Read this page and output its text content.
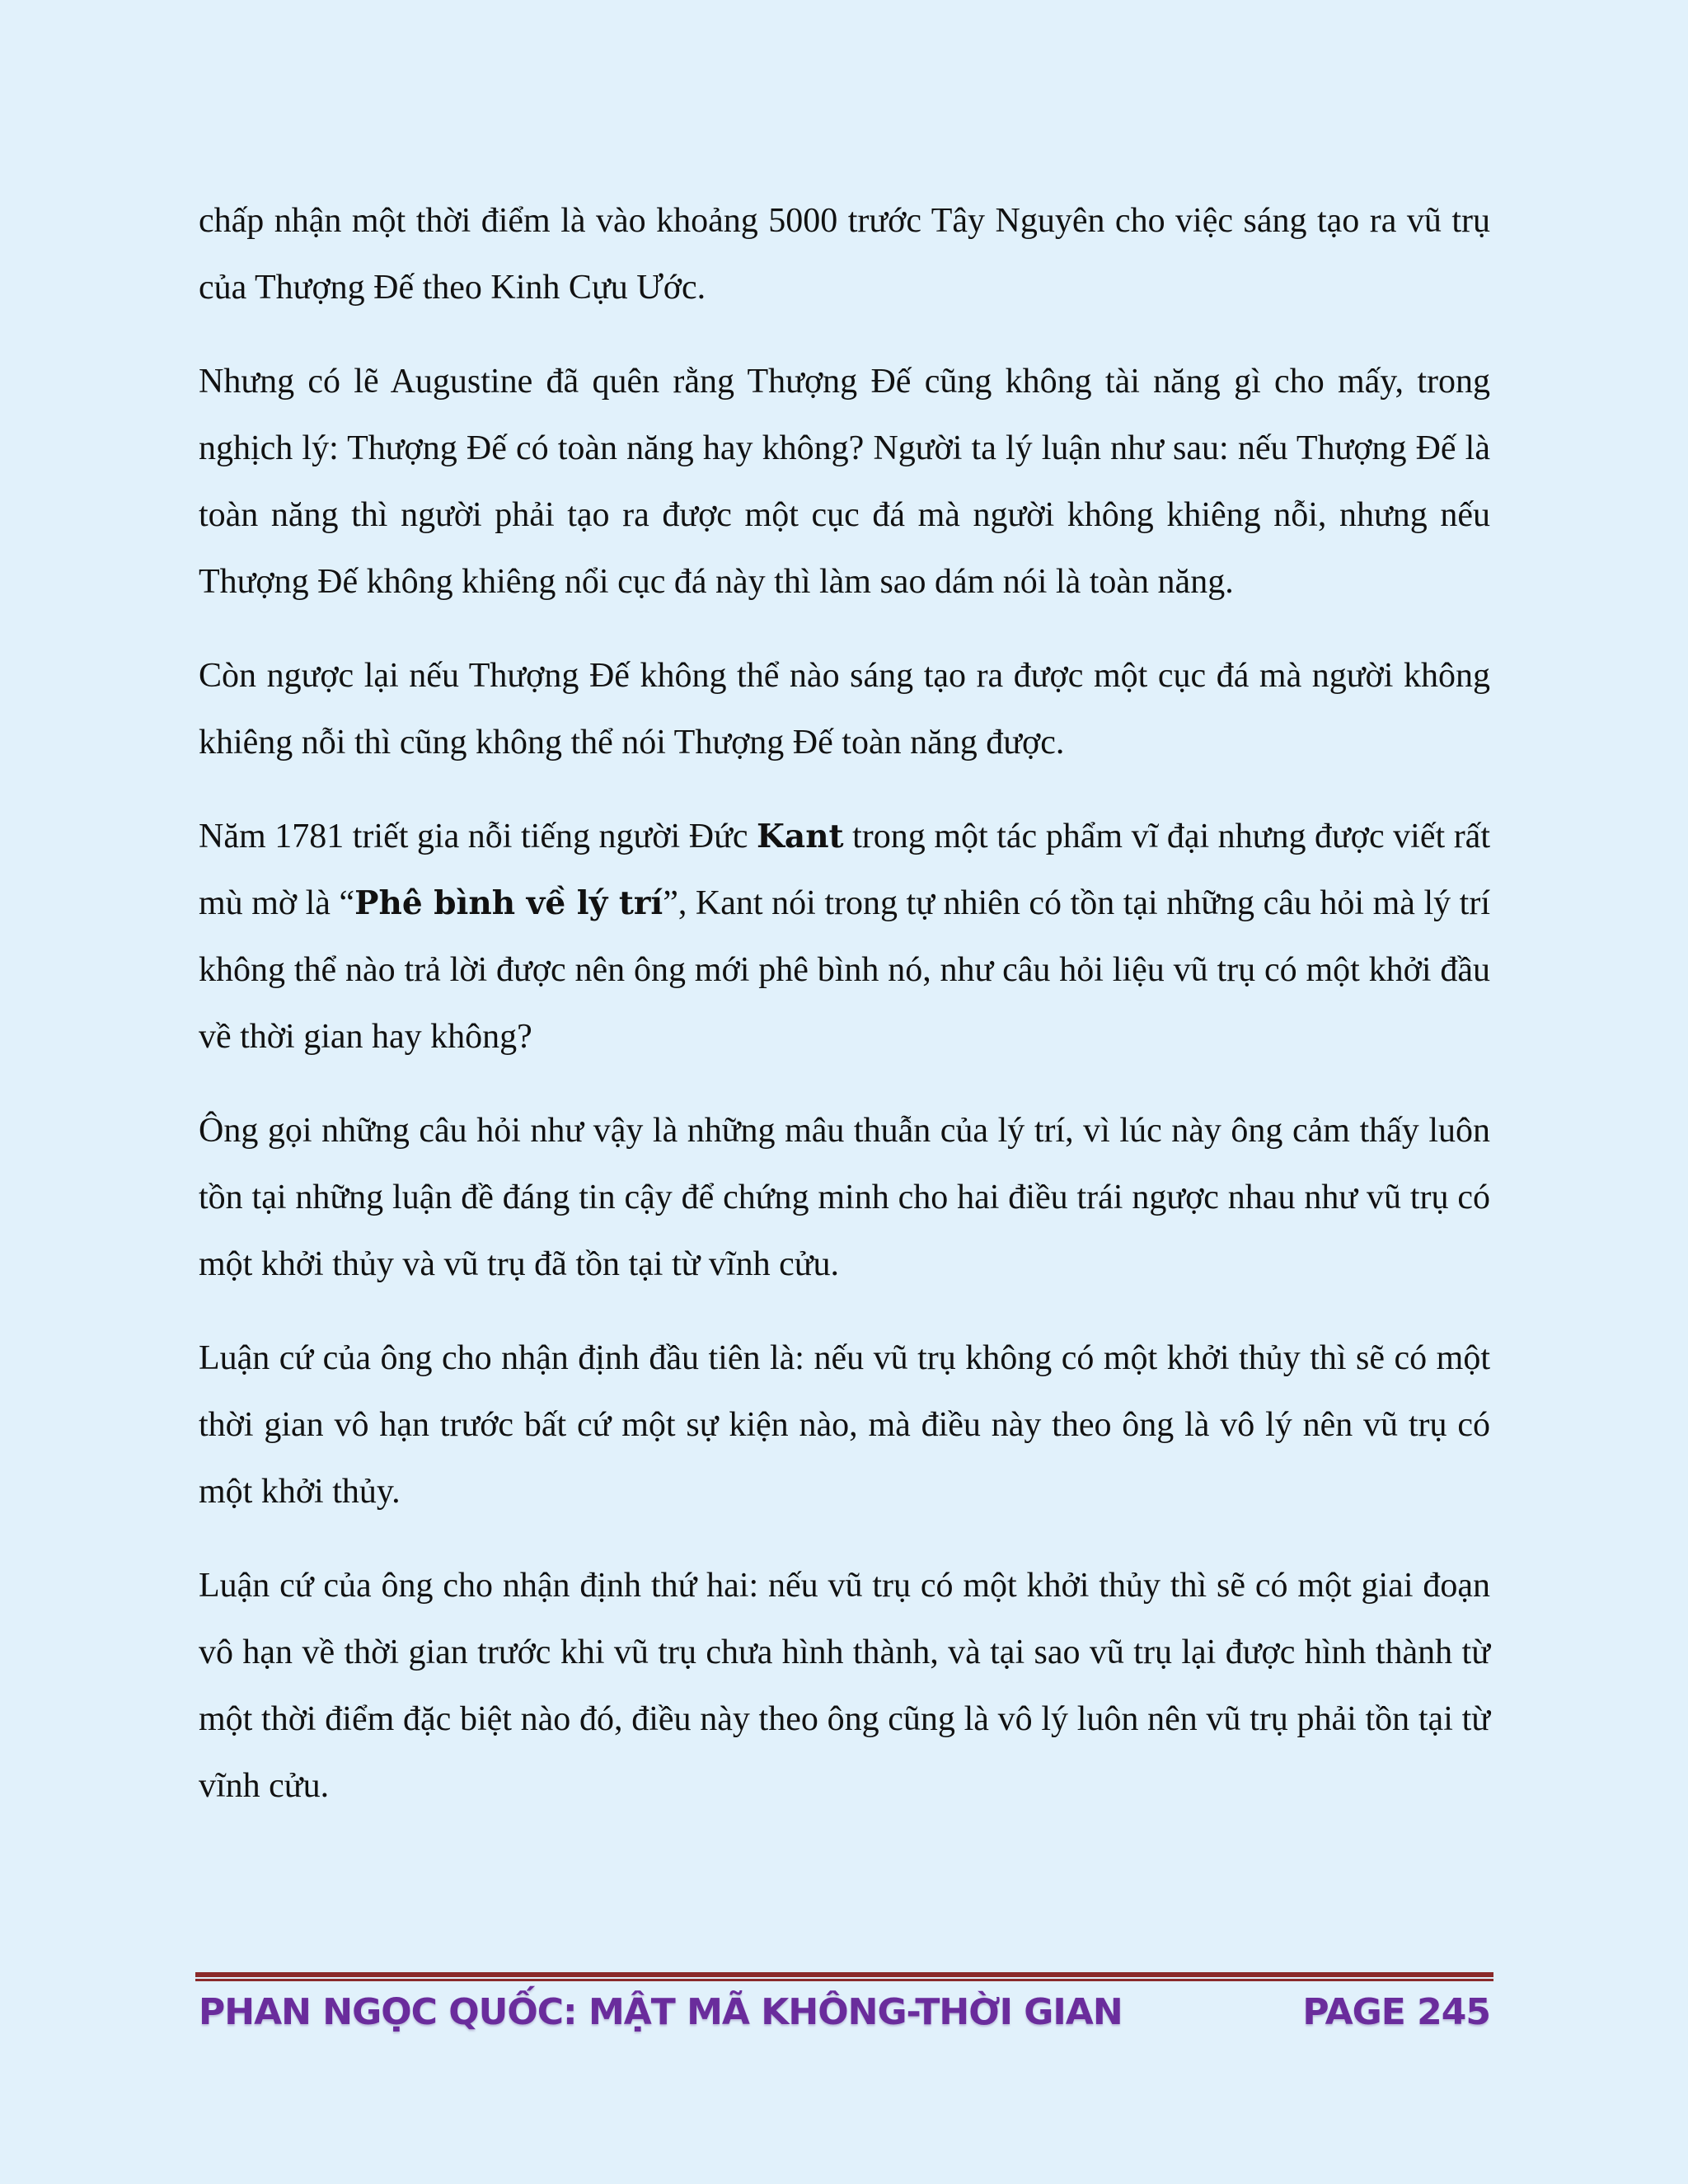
chấp nhận một thời điểm là vào khoảng 5000 trước Tây Nguyên cho việc sáng tạo ra vũ trụ của Thượng Đế theo Kinh Cựu Ước.

Nhưng có lẽ Augustine đã quên rằng Thượng Đế cũng không tài năng gì cho mấy, trong nghịch lý: Thượng Đế có toàn năng hay không? Người ta lý luận như sau: nếu Thượng Đế là toàn năng thì người phải tạo ra được một cục đá mà người không khiêng nỗi, nhưng nếu Thượng Đế không khiêng nổi cục đá này thì làm sao dám nói là toàn năng.

Còn ngược lại nếu Thượng Đế không thể nào sáng tạo ra được một cục đá mà người không khiêng nỗi thì cũng không thể nói Thượng Đế toàn năng được.

Năm 1781 triết gia nỗi tiếng người Đức Kant trong một tác phẩm vĩ đại nhưng được viết rất mù mờ là “Phê bình về lý trí”, Kant nói trong tự nhiên có tồn tại những câu hỏi mà lý trí không thể nào trả lời được nên ông mới phê bình nó, như câu hỏi liệu vũ trụ có một khởi đầu về thời gian hay không?

Ông gọi những câu hỏi như vậy là những mâu thuẫn của lý trí, vì lúc này ông cảm thấy luôn tồn tại những luận đề đáng tin cậy để chứng minh cho hai điều trái ngược nhau như vũ trụ có một khởi thủy và vũ trụ đã tồn tại từ vĩnh cửu.

Luận cứ của ông cho nhận định đầu tiên là: nếu vũ trụ không có một khởi thủy thì sẽ có một thời gian vô hạn trước bất cứ một sự kiện nào, mà điều này theo ông là vô lý nên vũ trụ có một khởi thủy.

Luận cứ của ông cho nhận định thứ hai: nếu vũ trụ có một khởi thủy thì sẽ có một giai đoạn vô hạn về thời gian trước khi vũ trụ chưa hình thành, và tại sao vũ trụ lại được hình thành từ một thời điểm đặc biệt nào đó, điều này theo ông cũng là vô lý luôn nên vũ trụ phải tồn tại từ vĩnh cửu.

PHAN NGỌC QUỐC: MẬT MÃ KHÔNG-THỜI GIAN	PAGE 245
